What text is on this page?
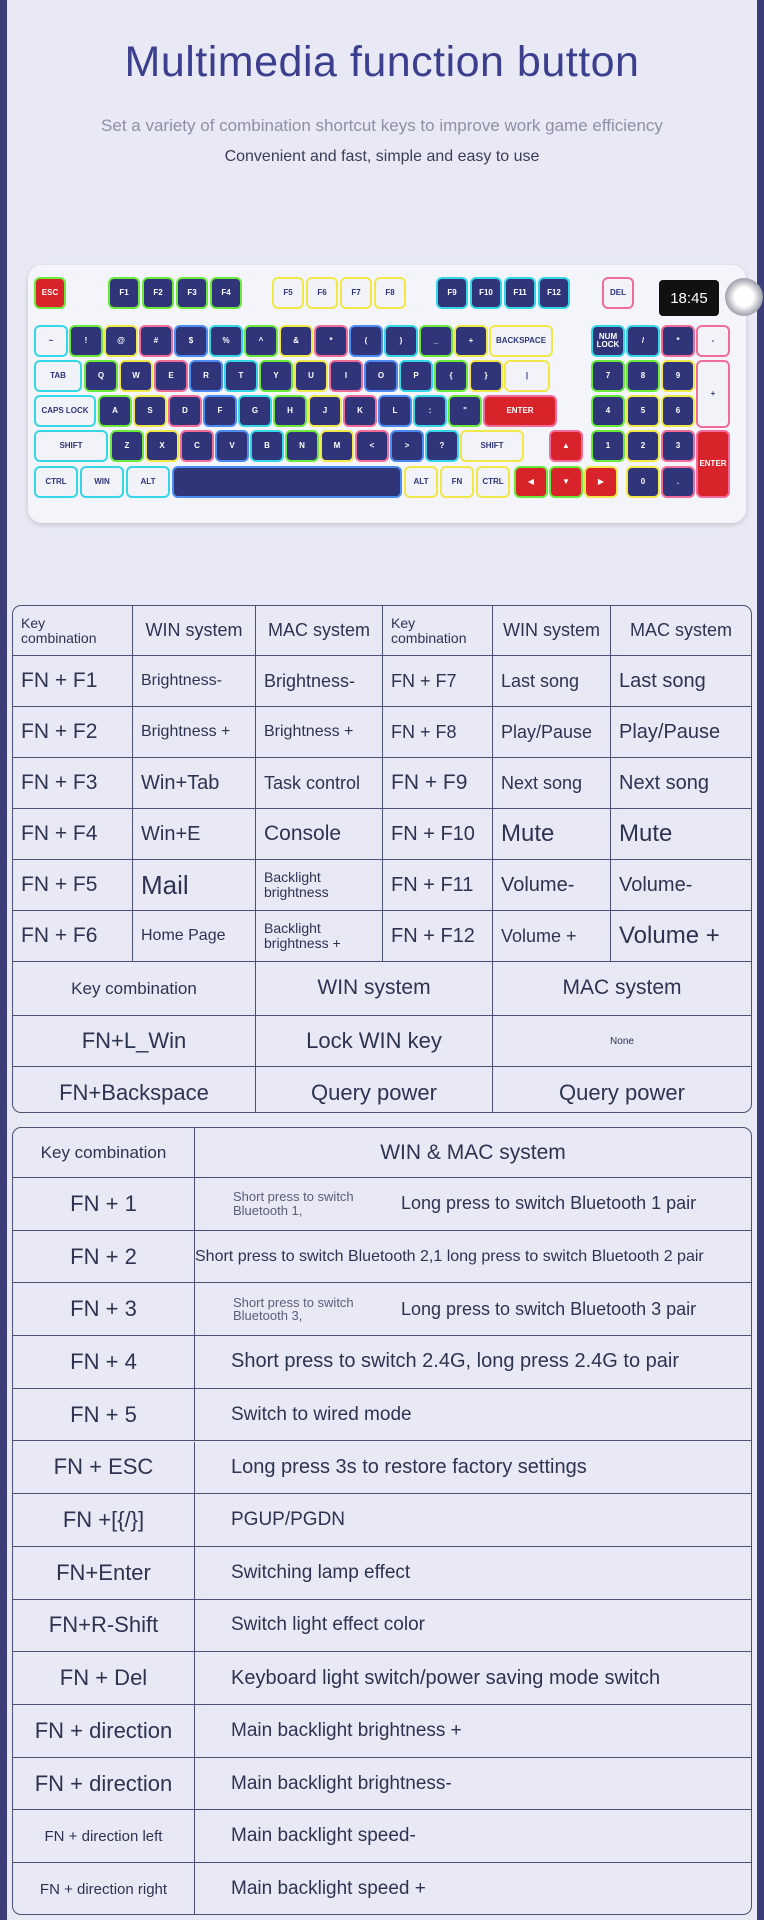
Multimedia function button
Set a variety of combination shortcut keys to improve work game efficiency
Convenient and fast, simple and easy to use
18:45
ESC	F1	F2	F3	F4	F5	F6	F7	F8	F9	F10	F11	F12	DEL
~	!	@	#	$	%	^	&	*	(	)	_	+	BACKSPACE	NUM LOCK	/	*	-
TAB	Q	W	E	R	T	Y	U	I	O	P	{	}	|	7	8	9
+
CAPS LOCK	A	S	D	F	G	H	J	K	L	:	"	ENTER	4	5	6
SHIFT	Z	X	C	V	B	N	M	<	>	?	SHIFT	▲	1	2	3
ENTER
CTRL	WIN	ALT	ALT	FN	CTRL	◀	▼	▶	0	.
Key combination	WIN system	MAC system	Key combination	WIN system	MAC system
FN + F1	Brightness-	Brightness-	FN + F7	Last song	Last song
FN + F2	Brightness +	Brightness +	FN + F8	Play/Pause	Play/Pause
FN + F3	Win+Tab	Task control	FN + F9	Next song	Next song
FN + F4	Win+E	Console	FN + F10	Mute	Mute
FN + F5	Mail	Backlight brightness	FN + F11	Volume-	Volume-
FN + F6	Home Page	Backlight brightness +	FN + F12	Volume +	Volume +
Key combination	WIN system	MAC system
FN+L_Win	Lock WIN key	None
FN+Backspace	Query power	Query power
Key combination	WIN & MAC system
FN + 1	Short press to switch Bluetooth 1,	Long press to switch Bluetooth 1 pair
FN + 2	Short press to switch Bluetooth 2,1 long press to switch Bluetooth 2 pair
FN + 3	Short press to switch Bluetooth 3,	Long press to switch Bluetooth 3 pair
FN + 4	Short press to switch 2.4G, long press 2.4G to pair
FN + 5	Switch to wired mode
FN + ESC	Long press 3s to restore factory settings
FN +[{/}]	PGUP/PGDN
FN+Enter	Switching lamp effect
FN+R-Shift	Switch light effect color
FN + Del	Keyboard light switch/power saving mode switch
FN + direction	Main backlight brightness +
FN + direction	Main backlight brightness-
FN + direction left	Main backlight speed-
FN + direction right	Main backlight speed +
